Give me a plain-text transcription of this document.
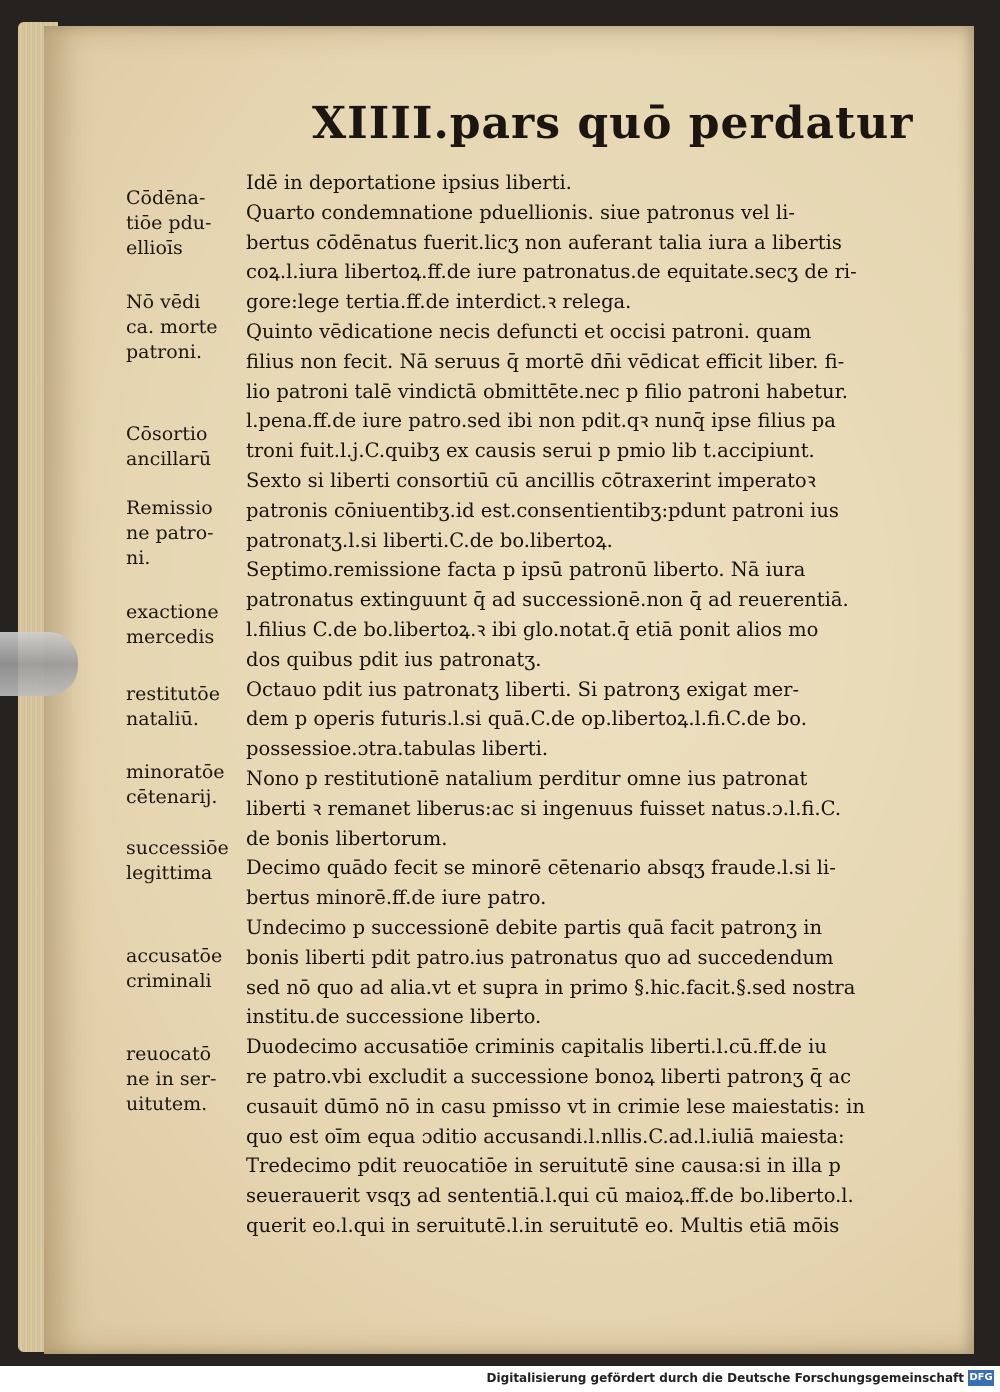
XIIII.pars quō perdatur
Cōdēna-
tiōe pdu-
ellioīs
Nō vēdi
ca. morte
patroni.
Cōsortio
ancillarū
Remissio
ne patro-
ni.
exactione
mercedis
restitutōe
nataliū.
minoratōe
cētenarij.
successiōe
legittima
accusatōe
criminali
reuocatō
ne in ser-
uitutem.
Idē in deportatione ipsius liberti.
Quarto condemnatione pduellionis. siue patronus vel li-
bertus cōdēnatus fuerit.licʒ non auferant talia iura a libertis
coꝝ.l.iura libertoꝝ.ff.de iure patronatus.de equitate.secʒ de ri-
gore:lege tertia.ff.de interdict.ꝛ relega.
Quinto vēdicatione necis defuncti et occisi patroni. quam
filius non fecit. Nā seruus q̄ mortē dn̄i vēdicat efficit liber. fi-
lio patroni talē vindictā obmittēte.nec p filio patroni habetur.
l.pena.ff.de iure patro.sed ibi non pdit.qꝛ nunq̄ ipse filius pa
troni fuit.l.j.C.quibʒ ex causis serui p pmio lib t.accipiunt.
Sexto si liberti consortiū cū ancillis cōtraxerint imperatoꝛ
patronis cōniuentibʒ.id est.consentientibʒ:pdunt patroni ius
patronatʒ.l.si liberti.C.de bo.libertoꝝ.
Septimo.remissione facta p ipsū patronū liberto. Nā iura
patronatus extinguunt q̄ ad successionē.non q̄ ad reuerentiā.
l.filius C.de bo.libertoꝝ.ꝛ ibi glo.notat.q̄ etiā ponit alios mo
dos quibus pdit ius patronatʒ.
Octauo pdit ius patronatʒ liberti. Si patronʒ exigat mer-
dem p operis futuris.l.si quā.C.de op.libertoꝝ.l.fi.C.de bo.
possessioe.ɔtra.tabulas liberti.
Nono p restitutionē natalium perditur omne ius patronat
liberti ꝛ remanet liberus:ac si ingenuus fuisset natus.ɔ.l.fi.C.
de bonis libertorum.
Decimo quādo fecit se minorē cētenario absqʒ fraude.l.si li-
bertus minorē.ff.de iure patro.
Undecimo p successionē debite partis quā facit patronʒ in
bonis liberti pdit patro.ius patronatus quo ad succedendum
sed nō quo ad alia.vt et supra in primo §.hic.facit.§.sed nostra
institu.de successione liberto.
Duodecimo accusatiōe criminis capitalis liberti.l.cū.ff.de iu
re patro.vbi excludit a successione bonoꝝ liberti patronʒ q̄ ac
cusauit dūmō nō in casu pmisso vt in crimie lese maiestatis: in
quo est oīm equa ɔditio accusandi.l.nllis.C.ad.l.iuliā maiesta:
Tredecimo pdit reuocatiōe in seruitutē sine causa:si in illa p
seuerauerit vsqʒ ad sententiā.l.qui cū maioꝝ.ff.de bo.liberto.l.
querit eo.l.qui in seruitutē.l.in seruitutē eo. Multis etiā mōis
Digitalisierung gefördert durch die Deutsche Forschungsgemeinschaft DFG
